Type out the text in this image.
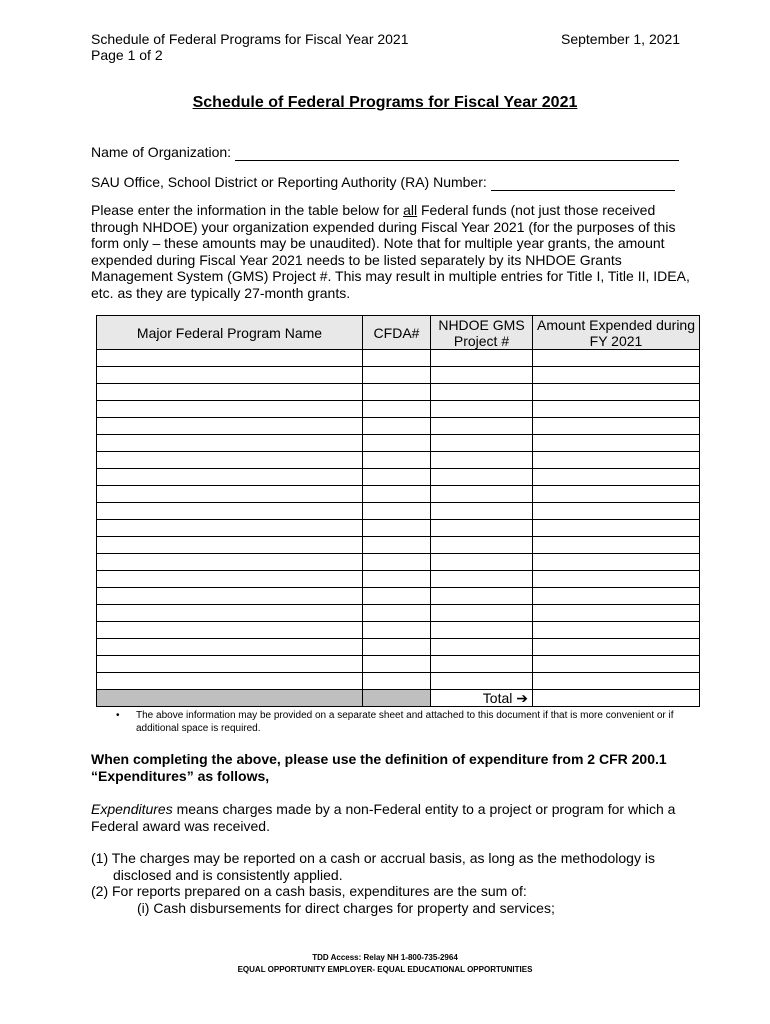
Schedule of Federal Programs for Fiscal Year 2021
Page 1 of 2
September 1, 2021
Schedule of Federal Programs for Fiscal Year 2021
Name of Organization:
SAU Office, School District or Reporting Authority (RA) Number:
Please enter the information in the table below for all Federal funds (not just those received through NHDOE) your organization expended during Fiscal Year 2021 (for the purposes of this form only – these amounts may be unaudited). Note that for multiple year grants, the amount expended during Fiscal Year 2021 needs to be listed separately by its NHDOE Grants Management System (GMS) Project #. This may result in multiple entries for Title I, Title II, IDEA, etc. as they are typically 27-month grants.
Major Federal Program Name	CFDA#	NHDOE GMS Project #	Amount Expended during FY 2021

		Total ➔	
• The above information may be provided on a separate sheet and attached to this document if that is more convenient or if additional space is required.
When completing the above, please use the definition of expenditure from 2 CFR 200.1 “Expenditures” as follows,
Expenditures means charges made by a non-Federal entity to a project or program for which a Federal award was received.
(1) The charges may be reported on a cash or accrual basis, as long as the methodology is
disclosed and is consistently applied.
(2) For reports prepared on a cash basis, expenditures are the sum of:
(i) Cash disbursements for direct charges for property and services;
TDD Access: Relay NH 1-800-735-2964
EQUAL OPPORTUNITY EMPLOYER- EQUAL EDUCATIONAL OPPORTUNITIES
